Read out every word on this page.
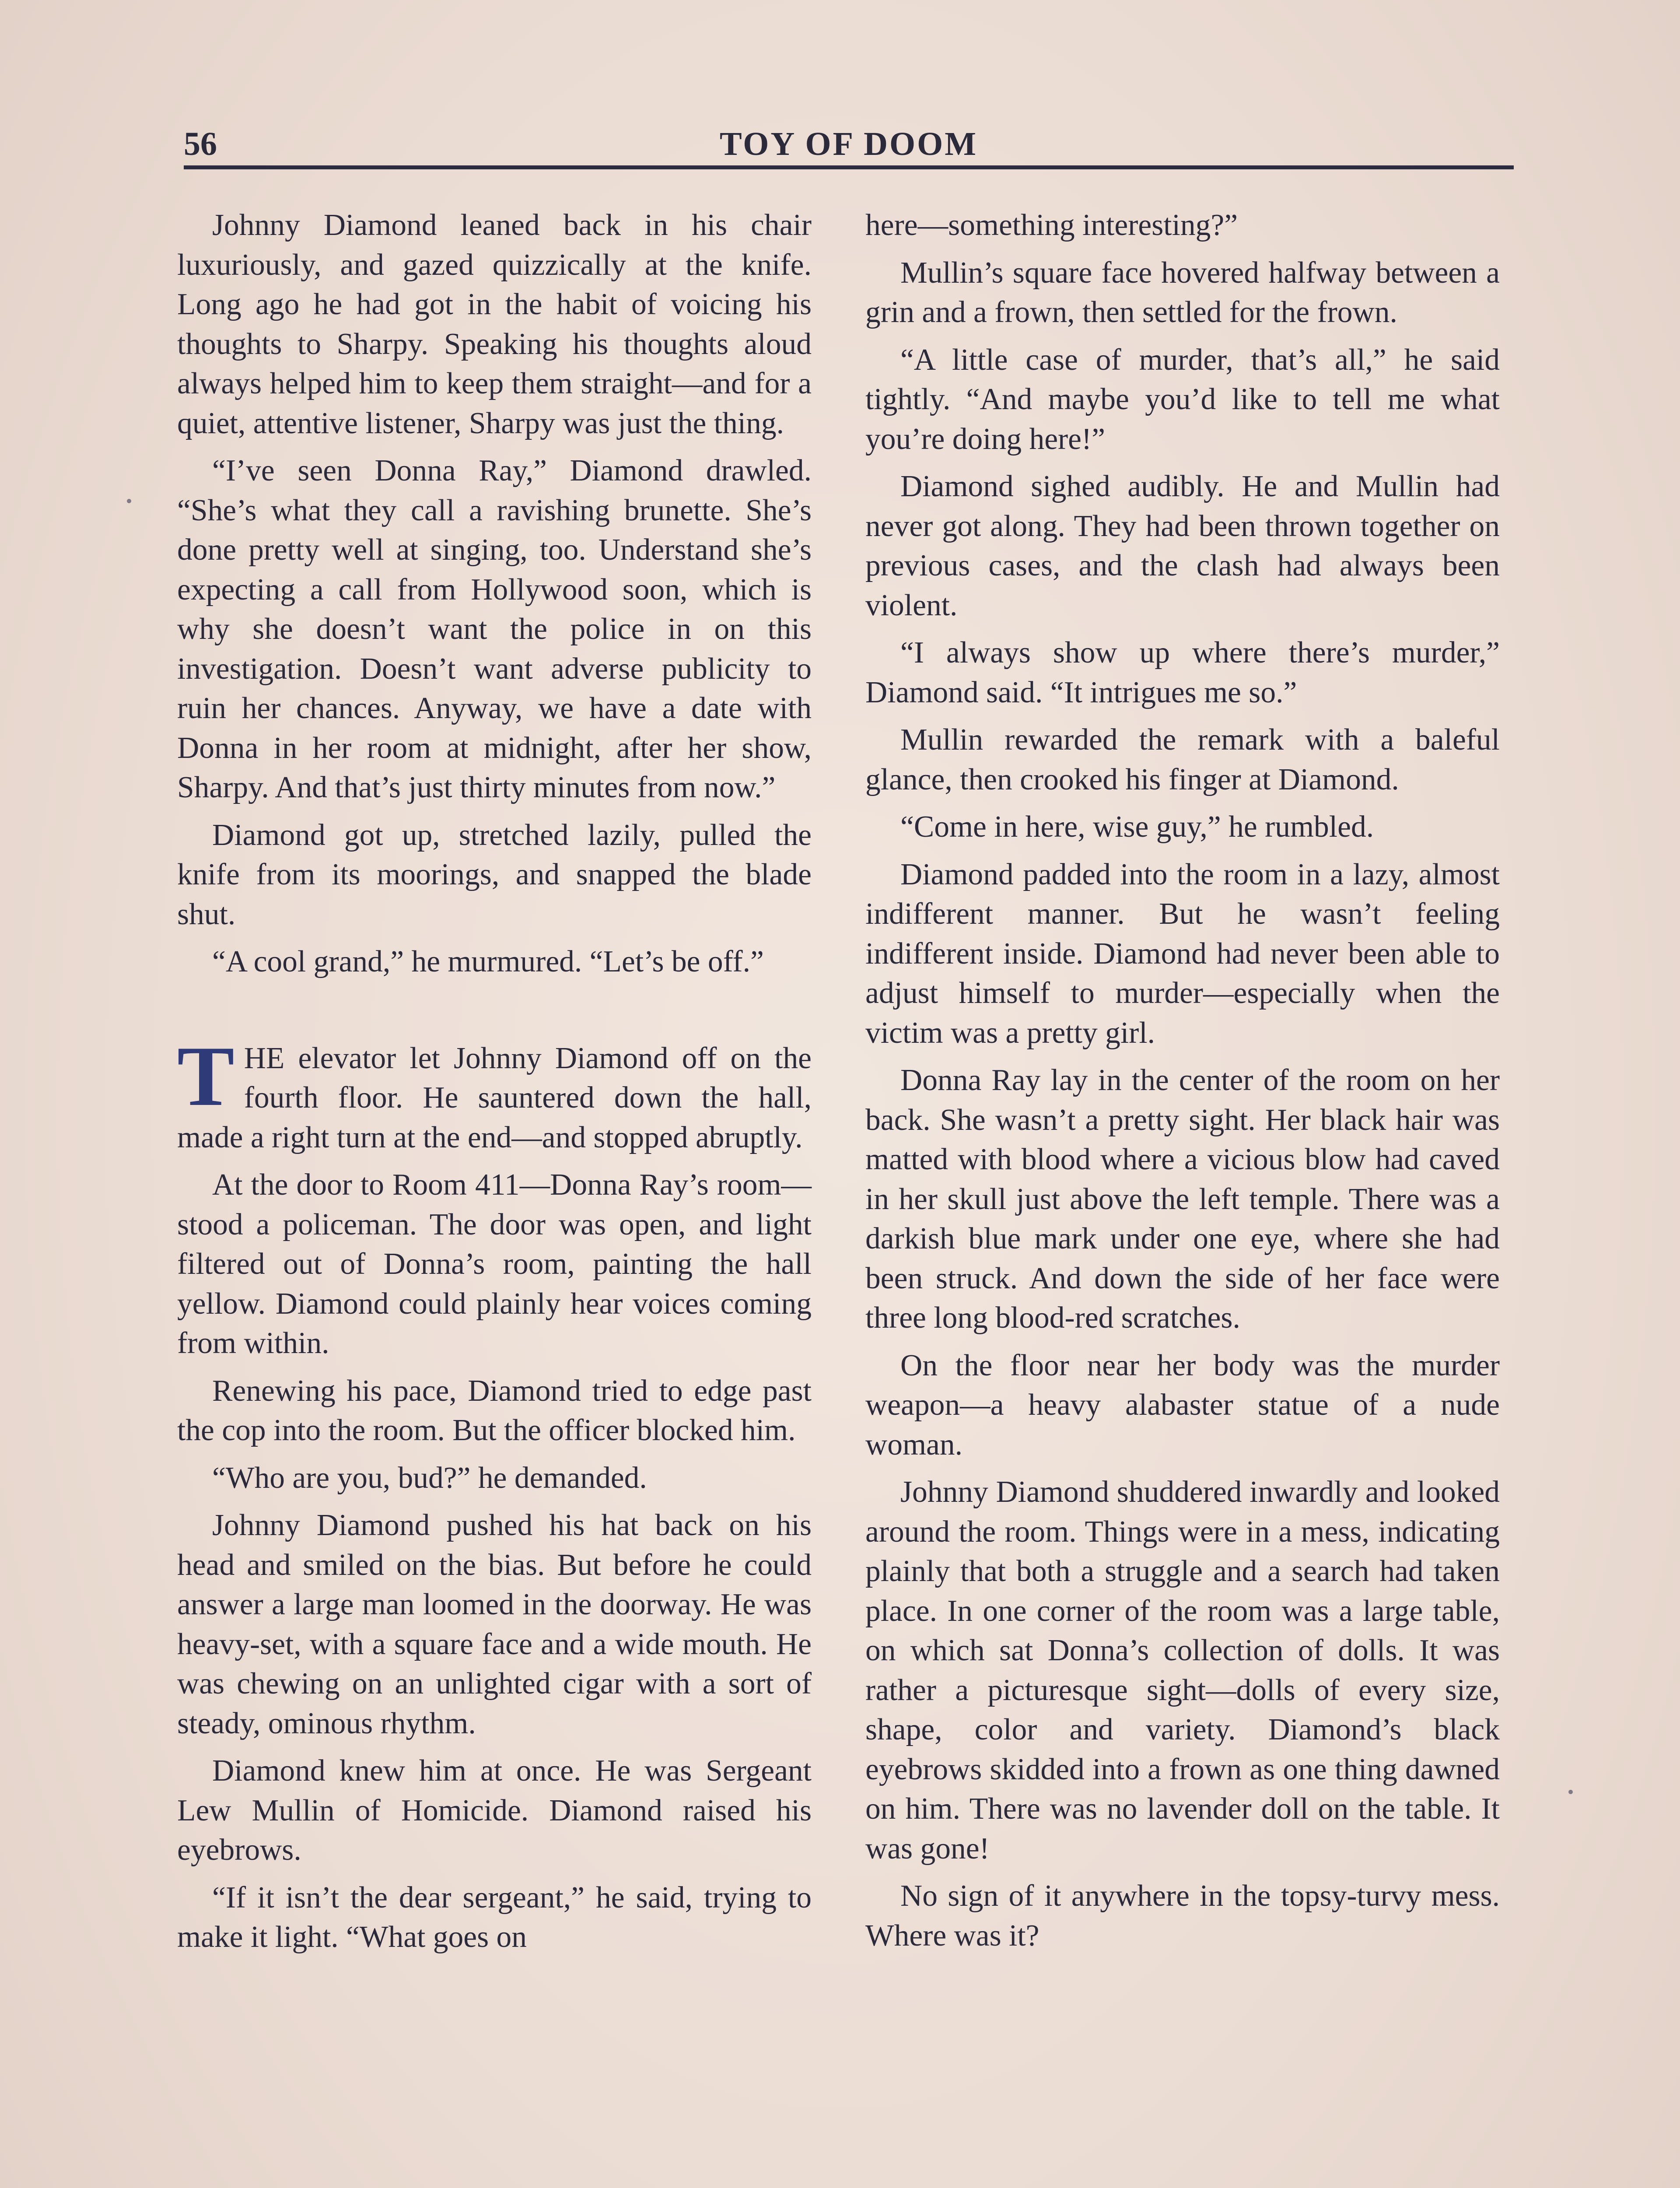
56	TOY OF DOOM

Johnny Diamond leaned back in his chair luxuriously, and gazed quizzically at the knife. Long ago he had got in the habit of voicing his thoughts to Sharpy. Speaking his thoughts aloud always helped him to keep them straight—and for a quiet, attentive listener, Sharpy was just the thing.

“I’ve seen Donna Ray,” Diamond drawled. “She’s what they call a ravishing brunette. She’s done pretty well at singing, too. Understand she’s expecting a call from Hollywood soon, which is why she doesn’t want the police in on this investigation. Doesn’t want adverse publicity to ruin her chances. Anyway, we have a date with Donna in her room at midnight, after her show, Sharpy. And that’s just thirty minutes from now.”

Diamond got up, stretched lazily, pulled the knife from its moorings, and snapped the blade shut.

“A cool grand,” he murmured. “Let’s be off.”

THE elevator let Johnny Diamond off on the fourth floor. He sauntered down the hall, made a right turn at the end—and stopped abruptly.

At the door to Room 411—Donna Ray’s room—stood a policeman. The door was open, and light filtered out of Donna’s room, painting the hall yellow. Diamond could plainly hear voices coming from within.

Renewing his pace, Diamond tried to edge past the cop into the room. But the officer blocked him.

“Who are you, bud?” he demanded.

Johnny Diamond pushed his hat back on his head and smiled on the bias. But before he could answer a large man loomed in the doorway. He was heavy-set, with a square face and a wide mouth. He was chewing on an unlighted cigar with a sort of steady, ominous rhythm.

Diamond knew him at once. He was Sergeant Lew Mullin of Homicide. Diamond raised his eyebrows.

“If it isn’t the dear sergeant,” he said, trying to make it light. “What goes on

here—something interesting?”

Mullin’s square face hovered halfway between a grin and a frown, then settled for the frown.

“A little case of murder, that’s all,” he said tightly. “And maybe you’d like to tell me what you’re doing here!”

Diamond sighed audibly. He and Mullin had never got along. They had been thrown together on previous cases, and the clash had always been violent.

“I always show up where there’s murder,” Diamond said. “It intrigues me so.”

Mullin rewarded the remark with a baleful glance, then crooked his finger at Diamond.

“Come in here, wise guy,” he rumbled.

Diamond padded into the room in a lazy, almost indifferent manner. But he wasn’t feeling indifferent inside. Diamond had never been able to adjust himself to murder—especially when the victim was a pretty girl.

Donna Ray lay in the center of the room on her back. She wasn’t a pretty sight. Her black hair was matted with blood where a vicious blow had caved in her skull just above the left temple. There was a darkish blue mark under one eye, where she had been struck. And down the side of her face were three long blood-red scratches.

On the floor near her body was the murder weapon—a heavy alabaster statue of a nude woman.

Johnny Diamond shuddered inwardly and looked around the room. Things were in a mess, indicating plainly that both a struggle and a search had taken place. In one corner of the room was a large table, on which sat Donna’s collection of dolls. It was rather a picturesque sight—dolls of every size, shape, color and variety. Diamond’s black eyebrows skidded into a frown as one thing dawned on him. There was no lavender doll on the table. It was gone!

No sign of it anywhere in the topsy-turvy mess. Where was it?
